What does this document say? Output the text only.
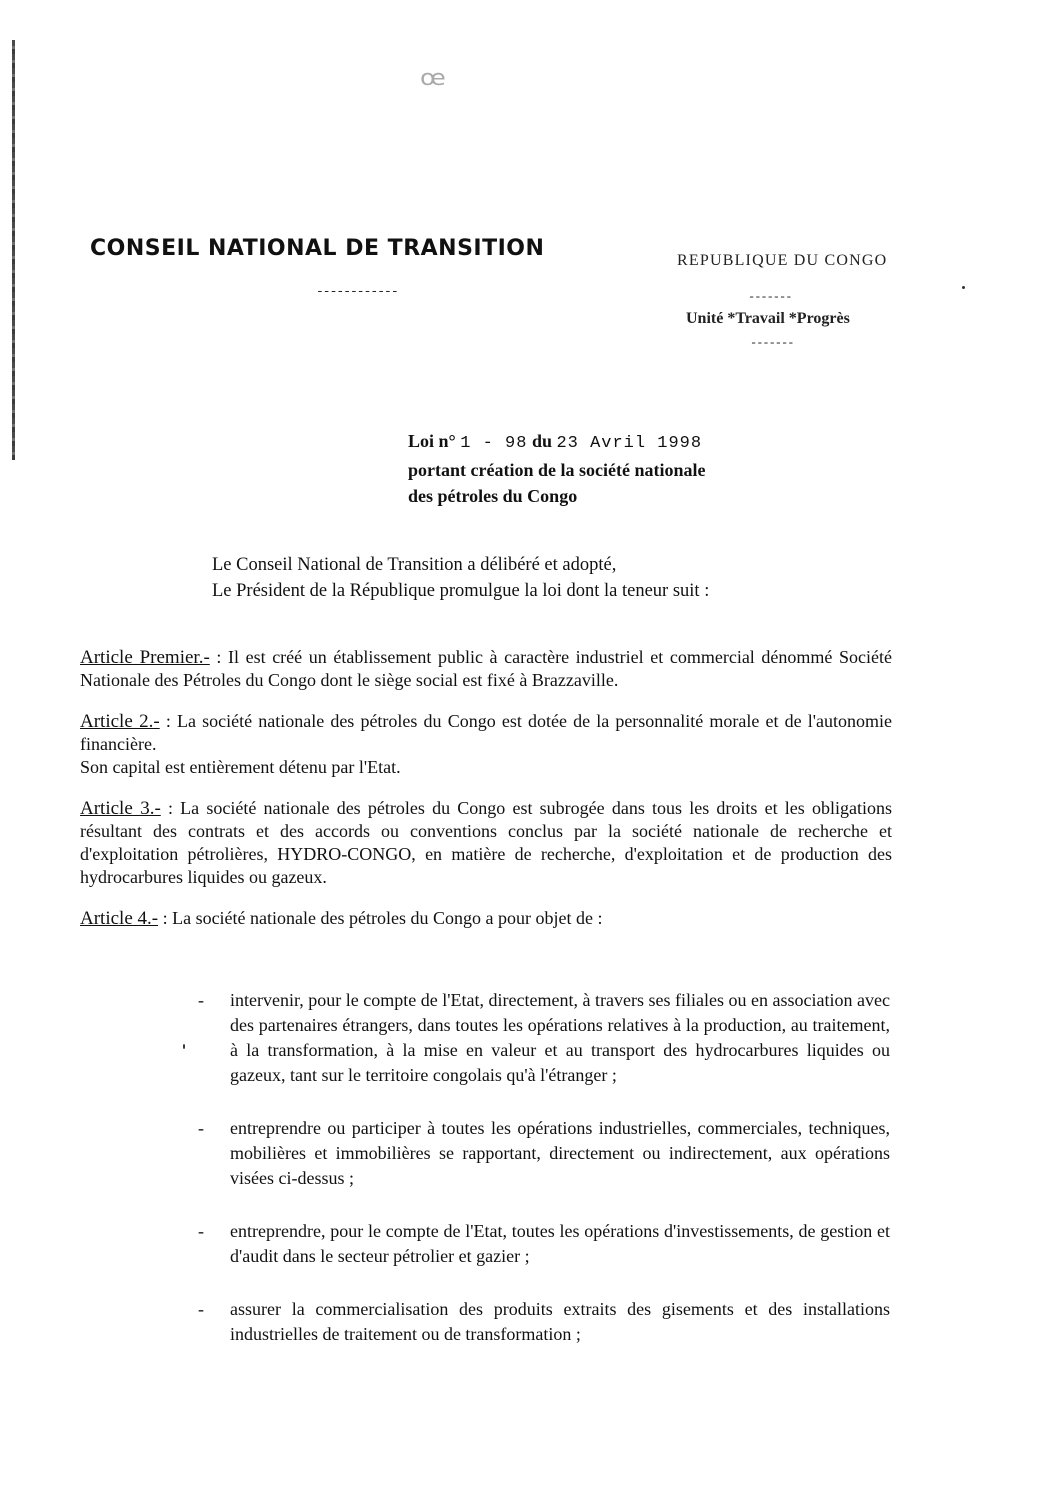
ꟹ
CONSEIL NATIONAL DE TRANSITION
------------
REPUBLIQUE DU CONGO
-------
Unité *Travail *Progrès
-------
Loi n° 1 - 98 du 23 Avril 1998
portant création de la société nationale
des pétroles du Congo
Le Conseil National de Transition a délibéré et adopté,
Le Président de la République promulgue la loi dont la teneur suit :

Article Premier.- : Il est créé un établissement public à caractère industriel et commercial dénommé Société Nationale des Pétroles du Congo dont le siège social est fixé à Brazzaville.

Article 2.- : La société nationale des pétroles du Congo est dotée de la personnalité morale et de l'autonomie financière.

Son capital est entièrement détenu par l'Etat.

Article 3.- : La société nationale des pétroles du Congo est subrogée dans tous les droits et les obligations résultant des contrats et des accords ou conventions conclus par la société nationale de recherche et d'exploitation pétrolières, HYDRO-CONGO, en matière de recherche, d'exploitation et de production des hydrocarbures liquides ou gazeux.

Article 4.- : La société nationale des pétroles du Congo a pour objet de :

- intervenir, pour le compte de l'Etat, directement, à travers ses filiales ou en association avec des partenaires étrangers, dans toutes les opérations relatives à la production, au traitement, à la transformation, à la mise en valeur et au transport des hydrocarbures liquides ou gazeux, tant sur le territoire congolais qu'à l'étranger ;
- entreprendre ou participer à toutes les opérations industrielles, commerciales, techniques, mobilières et immobilières se rapportant, directement ou indirectement, aux opérations visées ci-dessus ;
- entreprendre, pour le compte de l'Etat, toutes les opérations d'investissements, de gestion et d'audit dans le secteur pétrolier et gazier ;
- assurer la commercialisation des produits extraits des gisements et des installations industrielles de traitement ou de transformation ;
